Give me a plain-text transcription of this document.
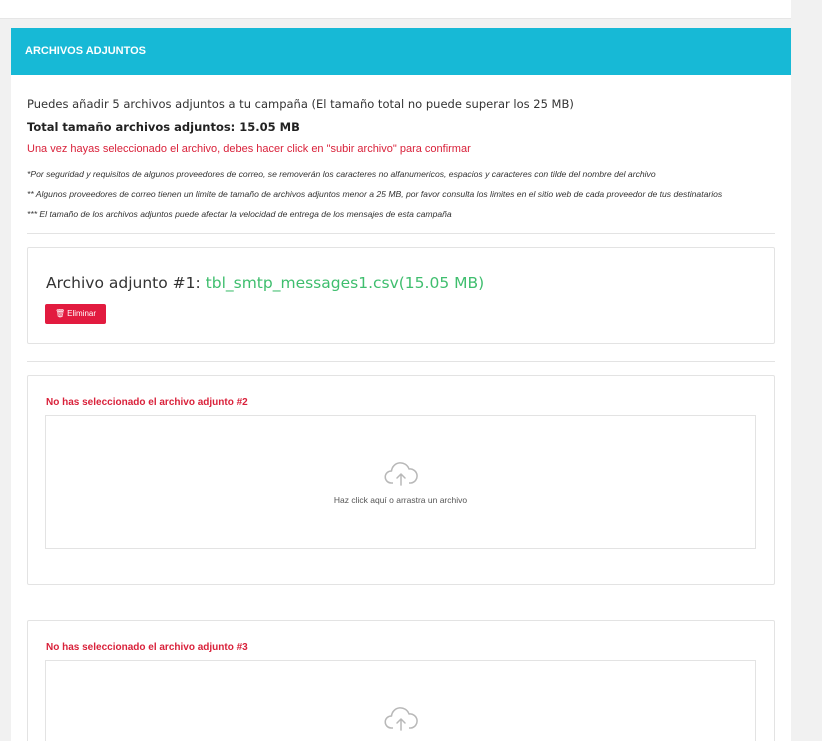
ARCHIVOS ADJUNTOS
Puedes añadir 5 archivos adjuntos a tu campaña (El tamaño total no puede superar los 25 MB)
Total tamaño archivos adjuntos: 15.05 MB
Una vez hayas seleccionado el archivo, debes hacer click en "subir archivo" para confirmar
*Por seguridad y requisitos de algunos proveedores de correo, se removerán los caracteres no alfanumericos, espacios y caracteres con tilde del nombre del archivo
** Algunos proveedores de correo tienen un limite de tamaño de archivos adjuntos menor a 25 MB, por favor consulta los limites en el sitio web de cada proveedor de tus destinatarios
*** El tamaño de los archivos adjuntos puede afectar la velocidad de entrega de los mensajes de esta campaña
Archivo adjunto #1: tbl_smtp_messages1.csv(15.05 MB)
🗑 Eliminar
No has seleccionado el archivo adjunto #2
Haz click aquí o arrastra un archivo
No has seleccionado el archivo adjunto #3
